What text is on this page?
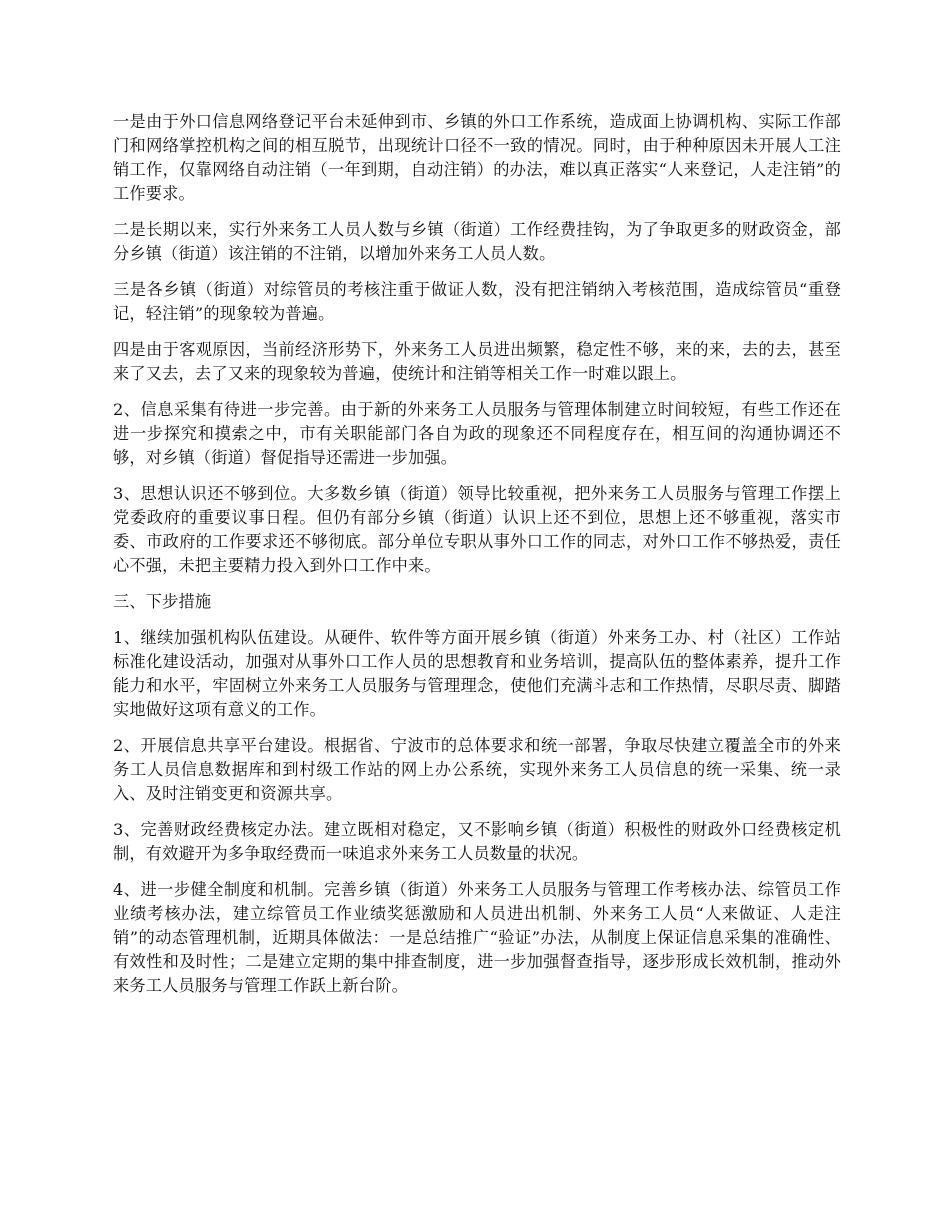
一是由于外口信息网络登记平台未延伸到市、乡镇的外口工作系统，造成面上协调机构、实际工作部门和网络掌控机构之间的相互脱节，出现统计口径不一致的情况。同时，由于种种原因未开展人工注销工作，仅靠网络自动注销（一年到期，自动注销）的办法，难以真正落实“人来登记，人走注销”的工作要求。

二是长期以来，实行外来务工人员人数与乡镇（街道）工作经费挂钩，为了争取更多的财政资金，部分乡镇（街道）该注销的不注销，以增加外来务工人员人数。

三是各乡镇（街道）对综管员的考核注重于做证人数，没有把注销纳入考核范围，造成综管员“重登记，轻注销”的现象较为普遍。

四是由于客观原因，当前经济形势下，外来务工人员进出频繁，稳定性不够，来的来，去的去，甚至来了又去，去了又来的现象较为普遍，使统计和注销等相关工作一时难以跟上。

2、信息采集有待进一步完善。由于新的外来务工人员服务与管理体制建立时间较短，有些工作还在进一步探究和摸索之中，市有关职能部门各自为政的现象还不同程度存在，相互间的沟通协调还不够，对乡镇（街道）督促指导还需进一步加强。

3、思想认识还不够到位。大多数乡镇（街道）领导比较重视，把外来务工人员服务与管理工作摆上党委政府的重要议事日程。但仍有部分乡镇（街道）认识上还不到位，思想上还不够重视，落实市委、市政府的工作要求还不够彻底。部分单位专职从事外口工作的同志，对外口工作不够热爱，责任心不强，未把主要精力投入到外口工作中来。

三、下步措施

1、继续加强机构队伍建设。从硬件、软件等方面开展乡镇（街道）外来务工办、村（社区）工作站标准化建设活动，加强对从事外口工作人员的思想教育和业务培训，提高队伍的整体素养，提升工作能力和水平，牢固树立外来务工人员服务与管理理念，使他们充满斗志和工作热情，尽职尽责、脚踏实地做好这项有意义的工作。

2、开展信息共享平台建设。根据省、宁波市的总体要求和统一部署，争取尽快建立覆盖全市的外来务工人员信息数据库和到村级工作站的网上办公系统，实现外来务工人员信息的统一采集、统一录入、及时注销变更和资源共享。

3、完善财政经费核定办法。建立既相对稳定，又不影响乡镇（街道）积极性的财政外口经费核定机制，有效避开为多争取经费而一味追求外来务工人员数量的状况。

4、进一步健全制度和机制。完善乡镇（街道）外来务工人员服务与管理工作考核办法、综管员工作业绩考核办法，建立综管员工作业绩奖惩激励和人员进出机制、外来务工人员“人来做证、人走注销”的动态管理机制，近期具体做法：一是总结推广“验证”办法，从制度上保证信息采集的准确性、有效性和及时性；二是建立定期的集中排查制度，进一步加强督查指导，逐步形成长效机制，推动外来务工人员服务与管理工作跃上新台阶。
